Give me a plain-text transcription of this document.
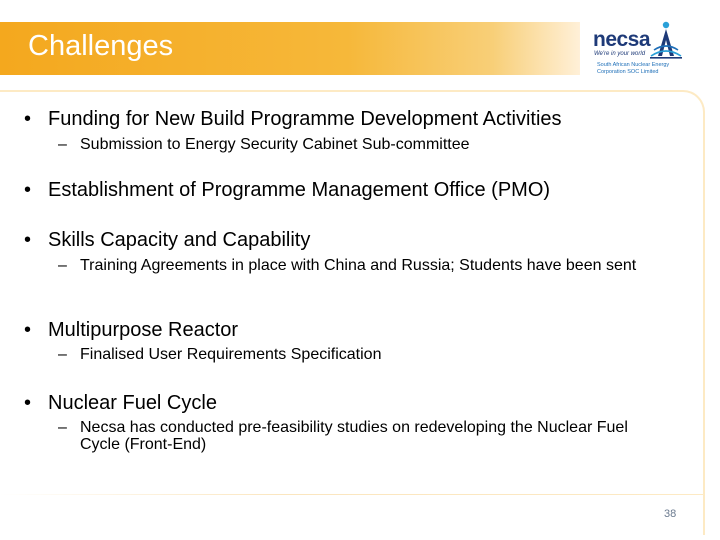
Challenges	necsa
We're in your world
South African Nuclear Energy Corporation SOC Limited
• Funding for New Build Programme Development Activities
– Submission to Energy Security Cabinet Sub-committee
• Establishment of Programme Management Office (PMO)
• Skills Capacity and Capability
– Training Agreements in place with China and Russia; Students have been sent
• Multipurpose Reactor
– Finalised User Requirements Specification
• Nuclear Fuel Cycle
– Necsa has conducted pre-feasibility studies on redeveloping the Nuclear Fuel Cycle (Front-End)
38
